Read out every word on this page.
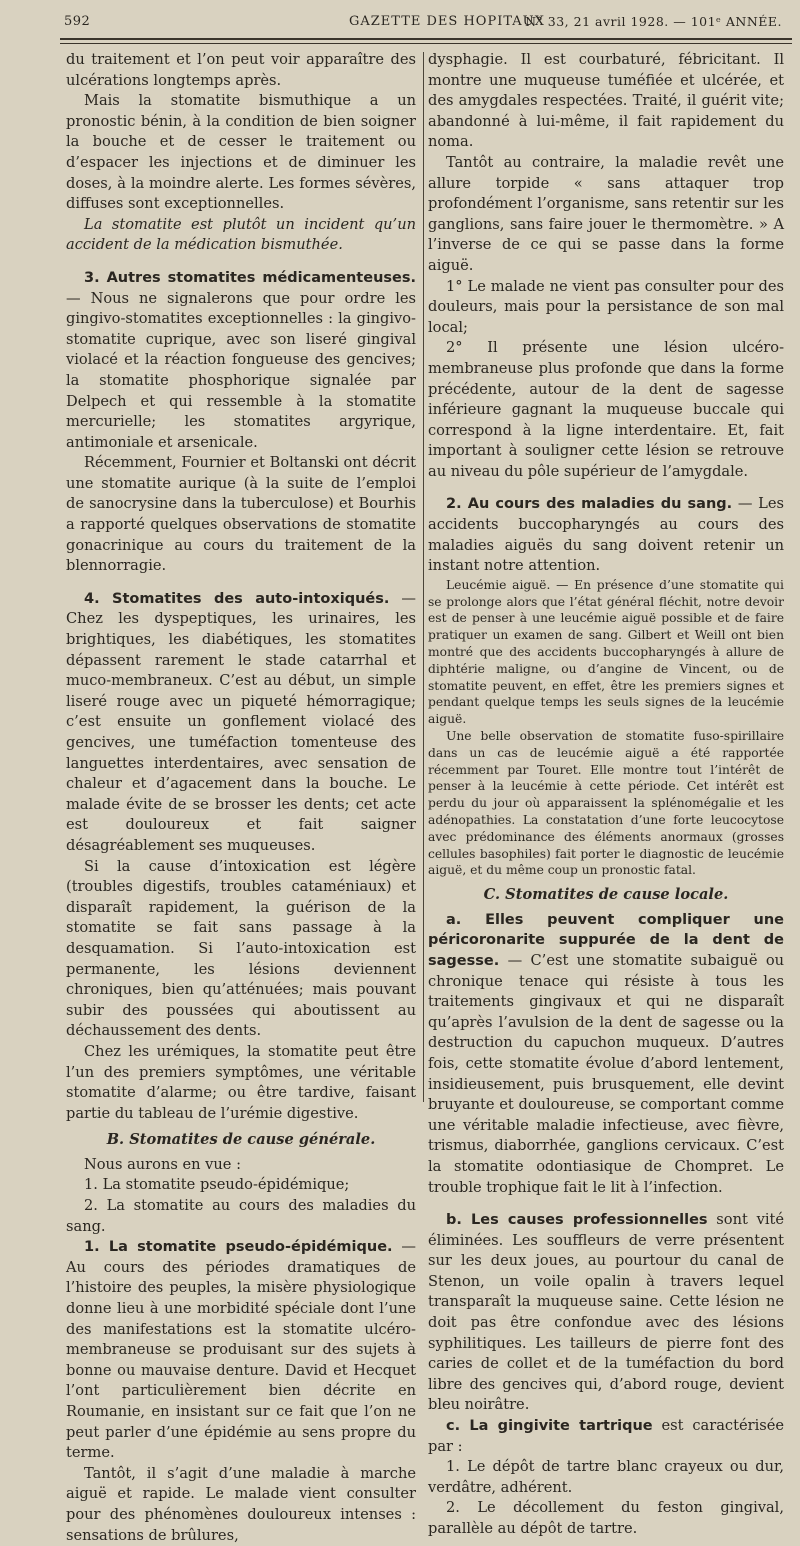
592	GAZETTE DES HOPITAUX
N° 33, 21 avril 1928. — 101ᵉ ANNÉE.

du traitement et l’on peut voir apparaître des ulcérations longtemps après.

Mais la stomatite bismuthique a un pronostic bénin, à la condition de bien soigner la bouche et de cesser le traitement ou d’espacer les injections et de diminuer les doses, à la moindre alerte. Les formes sévères, diffuses sont exceptionnelles.

La stomatite est plutôt un incident qu’un accident de la médication bismuthée.

3. Autres stomatites médicamenteuses. — Nous ne signalerons que pour ordre les gingivo-stomatites exceptionnelles : la gingivo-stomatite cuprique, avec son liseré gingival violacé et la réaction fongueuse des gencives; la stomatite phosphorique signalée par Delpech et qui ressemble à la stomatite mercurielle; les stomatites argyrique, antimoniale et arsenicale.

Récemment, Fournier et Boltanski ont décrit une stomatite aurique (à la suite de l’emploi de sanocrysine dans la tuberculose) et Bourhis a rapporté quelques observations de stomatite gonacrinique au cours du traitement de la blennorragie.

4. Stomatites des auto-intoxiqués. — Chez les dyspeptiques, les urinaires, les brightiques, les diabétiques, les stomatites dépassent rarement le stade catarrhal et muco-membraneux. C’est au début, un simple liseré rouge avec un piqueté hémorragique; c’est ensuite un gonflement violacé des gencives, une tuméfaction tomenteuse des languettes interdentaires, avec sensation de chaleur et d’agacement dans la bouche. Le malade évite de se brosser les dents; cet acte est douloureux et fait saigner désagréablement ses muqueuses.

Si la cause d’intoxication est légère (troubles digestifs, troubles cataméniaux) et disparaît rapidement, la guérison de la stomatite se fait sans passage à la desquamation. Si l’auto-intoxication est permanente, les lésions deviennent chroniques, bien qu’atténuées; mais pouvant subir des poussées qui aboutissent au déchaussement des dents.

Chez les urémiques, la stomatite peut être l’un des premiers symptômes, une véritable stomatite d’alarme; ou être tardive, faisant partie du tableau de l’urémie digestive.

B. Stomatites de cause générale.

Nous aurons en vue :

1. La stomatite pseudo-épidémique;

2. La stomatite au cours des maladies du sang.

1. La stomatite pseudo-épidémique. — Au cours des périodes dramatiques de l’histoire des peuples, la misère physiologique donne lieu à une morbidité spéciale dont l’une des manifestations est la stomatite ulcéro-membraneuse se produisant sur des sujets à bonne ou mauvaise denture. David et Hecquet l’ont particulièrement bien décrite en Roumanie, en insistant sur ce fait que l’on ne peut parler d’une épidémie au sens propre du terme.

Tantôt, il s’agit d’une maladie à marche aiguë et rapide. Le malade vient consulter pour des phénomènes douloureux intenses : sensations de brûlures,

dysphagie. Il est courbaturé, fébricitant. Il montre une muqueuse tuméfiée et ulcérée, et des amygdales respectées. Traité, il guérit vite; abandonné à lui-même, il fait rapidement du noma.

Tantôt au contraire, la maladie revêt une allure torpide « sans attaquer trop profondément l’organisme, sans retentir sur les ganglions, sans faire jouer le thermomètre. » A l’inverse de ce qui se passe dans la forme aiguë.

1° Le malade ne vient pas consulter pour des douleurs, mais pour la persistance de son mal local;

2° Il présente une lésion ulcéro-membraneuse plus profonde que dans la forme précédente, autour de la dent de sagesse inférieure gagnant la muqueuse buccale qui correspond à la ligne interdentaire. Et, fait important à souligner cette lésion se retrouve au niveau du pôle supérieur de l’amygdale.

2. Au cours des maladies du sang. — Les accidents buccopharyngés au cours des maladies aiguës du sang doivent retenir un instant notre attention.

Leucémie aiguë. — En présence d’une stomatite qui se prolonge alors que l’état général fléchit, notre devoir est de penser à une leucémie aiguë possible et de faire pratiquer un examen de sang. Gilbert et Weill ont bien montré que des accidents buccopharyngés à allure de diphtérie maligne, ou d’angine de Vincent, ou de stomatite peuvent, en effet, être les premiers signes et pendant quelque temps les seuls signes de la leucémie aiguë.

Une belle observation de stomatite fuso-spirillaire dans un cas de leucémie aiguë a été rapportée récemment par Touret. Elle montre tout l’intérêt de penser à la leucémie à cette période. Cet intérêt est perdu du jour où apparaissent la splénomégalie et les adénopathies. La constatation d’une forte leucocytose avec prédominance des éléments anormaux (grosses cellules basophiles) fait porter le diagnostic de leucémie aiguë, et du même coup un pronostic fatal.

C. Stomatites de cause locale.

a. Elles peuvent compliquer une péricoronarite suppurée de la dent de sagesse. — C’est une stomatite subaiguë ou chronique tenace qui résiste à tous les traitements gingivaux et qui ne disparaît qu’après l’avulsion de la dent de sagesse ou la destruction du capuchon muqueux. D’autres fois, cette stomatite évolue d’abord lentement, insidieusement, puis brusquement, elle devint bruyante et douloureuse, se comportant comme une véritable maladie infectieuse, avec fièvre, trismus, diaborrhée, ganglions cervicaux. C’est la stomatite odontiasique de Chompret. Le trouble trophique fait le lit à l’infection.

b. Les causes professionnelles sont vité éliminées. Les souffleurs de verre présentent sur les deux joues, au pourtour du canal de Stenon, un voile opalin à travers lequel transparaît la muqueuse saine. Cette lésion ne doit pas être confondue avec des lésions syphilitiques. Les tailleurs de pierre font des caries de collet et de la tuméfaction du bord libre des gencives qui, d’abord rouge, devient bleu noirâtre.

c. La gingivite tartrique est caractérisée par :

1. Le dépôt de tartre blanc crayeux ou dur, verdâtre, adhérent.

2. Le décollement du feston gingival, parallèle au dépôt de tartre.
